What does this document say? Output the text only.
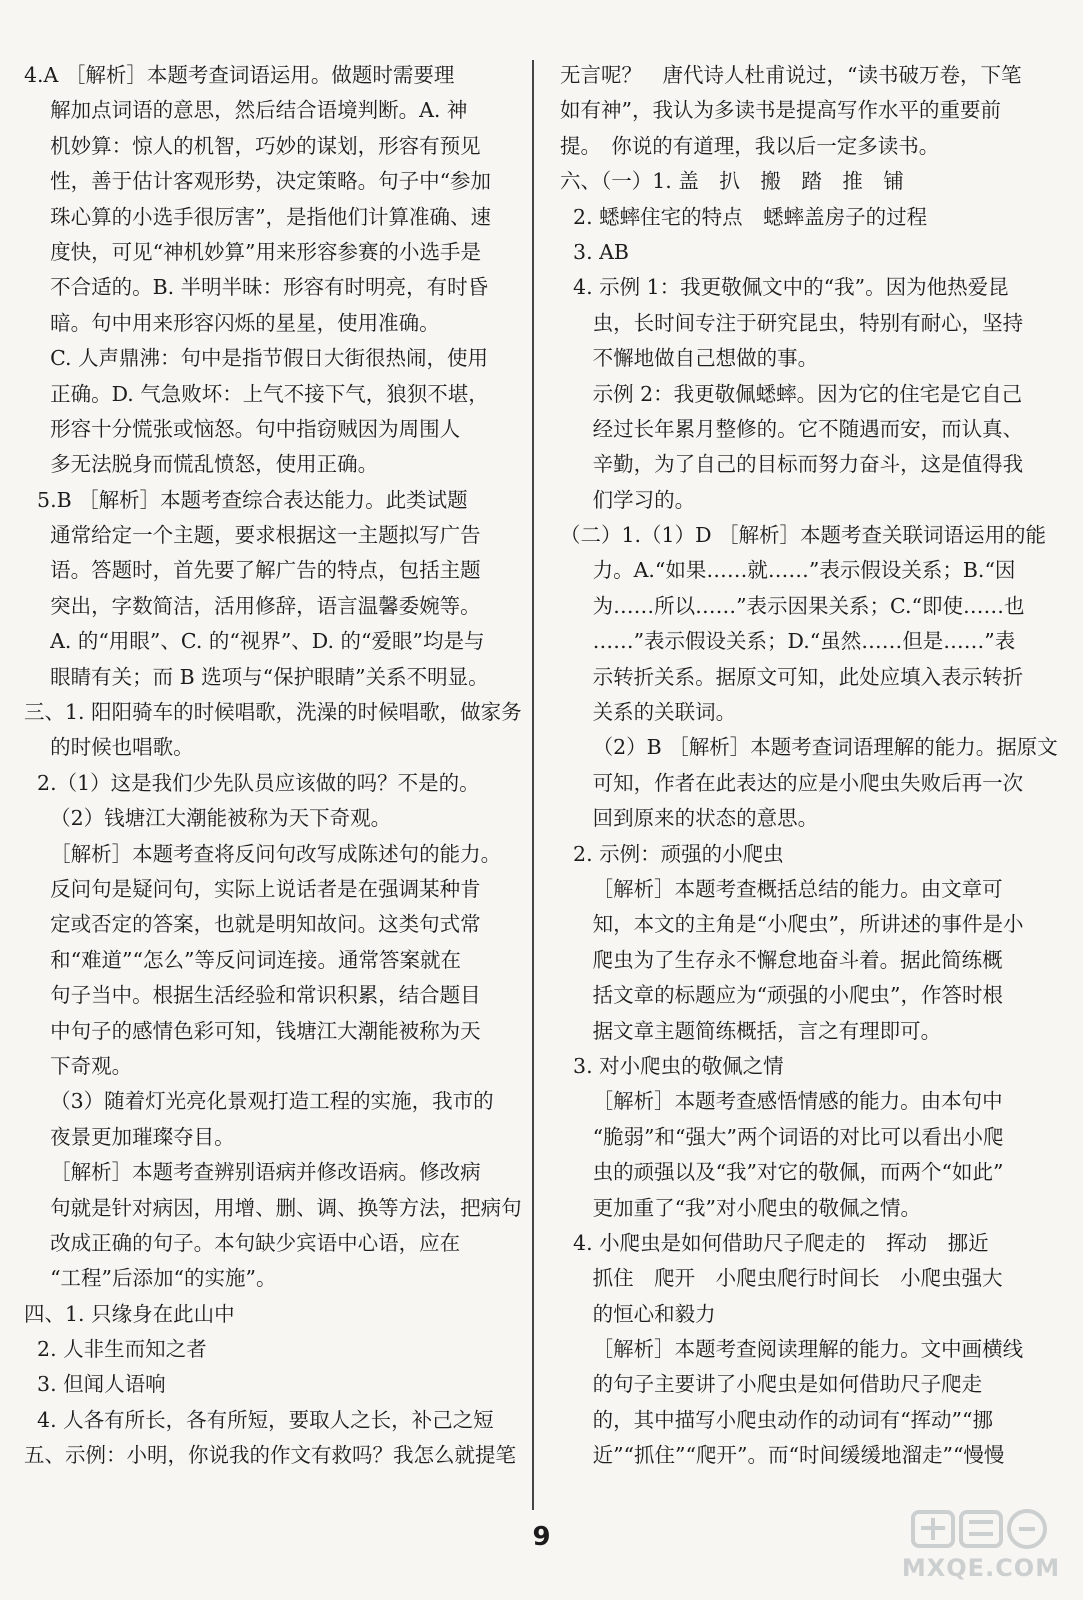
4.A ［解析］本题考查词语运用。做题时需要理
解加点词语的意思，然后结合语境判断。A. 神
机妙算：惊人的机智，巧妙的谋划，形容有预见
性，善于估计客观形势，决定策略。句子中“参加
珠心算的小选手很厉害”，是指他们计算准确、速
度快，可见“神机妙算”用来形容参赛的小选手是
不合适的。B. 半明半昧：形容有时明亮，有时昏
暗。句中用来形容闪烁的星星，使用准确。
C. 人声鼎沸：句中是指节假日大街很热闹，使用
正确。D. 气急败坏：上气不接下气，狼狈不堪，
形容十分慌张或恼怒。句中指窃贼因为周围人
多无法脱身而慌乱愤怒，使用正确。
5.B ［解析］本题考查综合表达能力。此类试题
通常给定一个主题，要求根据这一主题拟写广告
语。答题时，首先要了解广告的特点，包括主题
突出，字数简洁，活用修辞，语言温馨委婉等。
A. 的“用眼”、C. 的“视界”、D. 的“爱眼”均是与
眼睛有关；而 B 选项与“保护眼睛”关系不明显。
三、1. 阳阳骑车的时候唱歌，洗澡的时候唱歌，做家务
的时候也唱歌。
2.（1）这是我们少先队员应该做的吗？不是的。
（2）钱塘江大潮能被称为天下奇观。
［解析］本题考查将反问句改写成陈述句的能力。
反问句是疑问句，实际上说话者是在强调某种肯
定或否定的答案，也就是明知故问。这类句式常
和“难道”“怎么”等反问词连接。通常答案就在
句子当中。根据生活经验和常识积累，结合题目
中句子的感情色彩可知，钱塘江大潮能被称为天
下奇观。
（3）随着灯光亮化景观打造工程的实施，我市的
夜景更加璀璨夺目。
［解析］本题考查辨别语病并修改语病。修改病
句就是针对病因，用增、删、调、换等方法，把病句
改成正确的句子。本句缺少宾语中心语，应在
“工程”后添加“的实施”。
四、1. 只缘身在此山中
2. 人非生而知之者
3. 但闻人语响
4. 人各有所长，各有所短，要取人之长，补己之短
五、示例：小明，你说我的作文有救吗？我怎么就提笔
无言呢？　唐代诗人杜甫说过，“读书破万卷，下笔
如有神”，我认为多读书是提高写作水平的重要前
提。　你说的有道理，我以后一定多读书。
六、（一）1. 盖　扒　搬　踏　推　铺
2. 蟋蟀住宅的特点　蟋蟀盖房子的过程
3. AB
4. 示例 1：我更敬佩文中的“我”。因为他热爱昆
虫，长时间专注于研究昆虫，特别有耐心，坚持
不懈地做自己想做的事。
示例 2：我更敬佩蟋蟀。因为它的住宅是它自己
经过长年累月整修的。它不随遇而安，而认真、
辛勤，为了自己的目标而努力奋斗，这是值得我
们学习的。
（二）1.（1）D ［解析］本题考查关联词语运用的能
力。A.“如果……就……”表示假设关系；B.“因
为……所以……”表示因果关系；C.“即使……也
……”表示假设关系；D.“虽然……但是……”表
示转折关系。据原文可知，此处应填入表示转折
关系的关联词。
（2）B ［解析］本题考查词语理解的能力。据原文
可知，作者在此表达的应是小爬虫失败后再一次
回到原来的状态的意思。
2. 示例：顽强的小爬虫
［解析］本题考查概括总结的能力。由文章可
知，本文的主角是“小爬虫”，所讲述的事件是小
爬虫为了生存永不懈怠地奋斗着。据此简练概
括文章的标题应为“顽强的小爬虫”，作答时根
据文章主题简练概括，言之有理即可。
3. 对小爬虫的敬佩之情
［解析］本题考查感悟情感的能力。由本句中
“脆弱”和“强大”两个词语的对比可以看出小爬
虫的顽强以及“我”对它的敬佩，而两个“如此”
更加重了“我”对小爬虫的敬佩之情。
4. 小爬虫是如何借助尺子爬走的　挥动　挪近
抓住　爬开　小爬虫爬行时间长　小爬虫强大
的恒心和毅力
［解析］本题考查阅读理解的能力。文中画横线
的句子主要讲了小爬虫是如何借助尺子爬走
的，其中描写小爬虫动作的动词有“挥动”“挪
近”“抓住”“爬开”。而“时间缓缓地溜走”“慢慢
9
MXQE.COM
